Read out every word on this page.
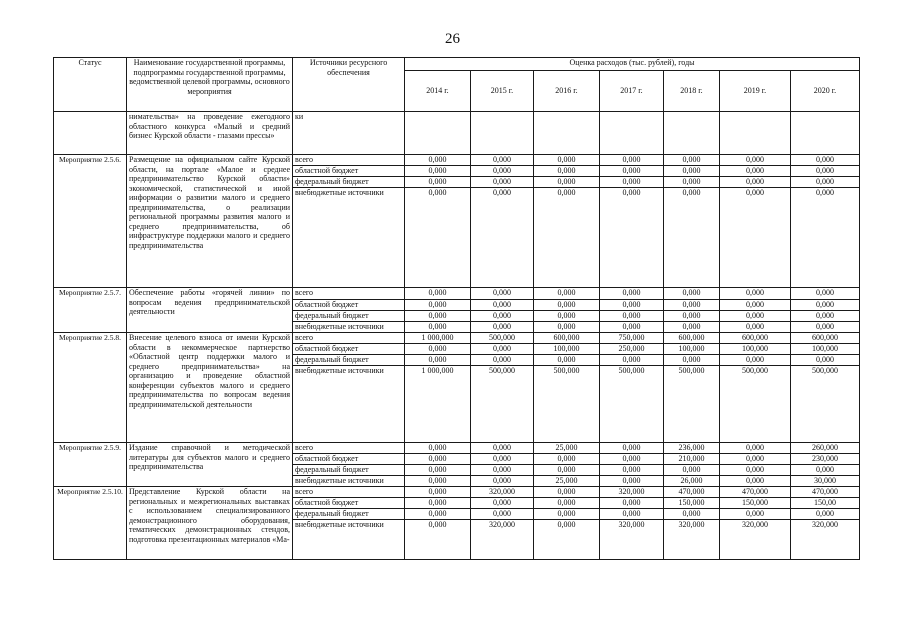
26
Статус	Наименование государственной программы, подпрограммы государственной программы, ведомственной целевой программы, основного мероприятия	Источники ресурсного обеспечения	Оценка расходов (тыс. рублей), годы						
			2014 г.	2015 г.	2016 г.	2017 г.	2018 г.	2019 г.	2020 г.
	нимательства» на проведение ежегодного областного конкурса «Малый и средний бизнес Курской области - глазами прессы»	ки							
Мероприятие 2.5.6.	Размещение на официальном сайте Курской области, на портале «Малое и среднее предпринимательство Курской области» экономической, статистической и иной информации о развитии малого и среднего предпринимательства, о реализации региональной программы развития малого и среднего предпринимательства, об инфраструктуре поддержки малого и среднего предпринимательства	всего	0,000	0,000	0,000	0,000	0,000	0,000	0,000
		областной бюджет	0,000	0,000	0,000	0,000	0,000	0,000	0,000
		федеральный бюджет	0,000	0,000	0,000	0,000	0,000	0,000	0,000
		внебюджетные источники	0,000	0,000	0,000	0,000	0,000	0,000	0,000
Мероприятие 2.5.7.	Обеспечение работы «горячей линии» по вопросам ведения предпринимательской деятельности	всего	0,000	0,000	0,000	0,000	0,000	0,000	0,000
		областной бюджет	0,000	0,000	0,000	0,000	0,000	0,000	0,000
		федеральный бюджет	0,000	0,000	0,000	0,000	0,000	0,000	0,000
		внебюджетные источники	0,000	0,000	0,000	0,000	0,000	0,000	0,000
Мероприятие 2.5.8.	Внесение целевого взноса от имени Курской области в некоммерческое партнерство «Областной центр поддержки малого и среднего предпринимательства» на организацию и проведение областной конференции субъектов малого и среднего предпринимательства по вопросам ведения предпринимательской деятельности	всего	1 000,000	500,000	600,000	750,000	600,000	600,000	600,000
		областной бюджет	0,000	0,000	100,000	250,000	100,000	100,000	100,000
		федеральный бюджет	0,000	0,000	0,000	0,000	0,000	0,000	0,000
		внебюджетные источники	1 000,000	500,000	500,000	500,000	500,000	500,000	500,000
Мероприятие 2.5.9.	Издание справочной и методической литературы для субъектов малого и среднего предпринимательства	всего	0,000	0,000	25,000	0,000	236,000	0,000	260,000
		областной бюджет	0,000	0,000	0,000	0,000	210,000	0,000	230,000
		федеральный бюджет	0,000	0,000	0,000	0,000	0,000	0,000	0,000
		внебюджетные источники	0,000	0,000	25,000	0,000	26,000	0,000	30,000
Мероприятие 2.5.10.	Представление Курской области на региональных и межрегиональных выставках с использованием специализированного демонстрационного оборудования, тематических демонстрационных стендов, подготовка презентационных материалов «Ма-	всего	0,000	320,000	0,000	320,000	470,000	470,000	470,000
		областной бюджет	0,000	0,000	0,000	0,000	150,000	150,000	150,00
		федеральный бюджет	0,000	0,000	0,000	0,000	0,000	0,000	0,000
		внебюджетные источники	0,000	320,000	0,000	320,000	320,000	320,000	320,000
